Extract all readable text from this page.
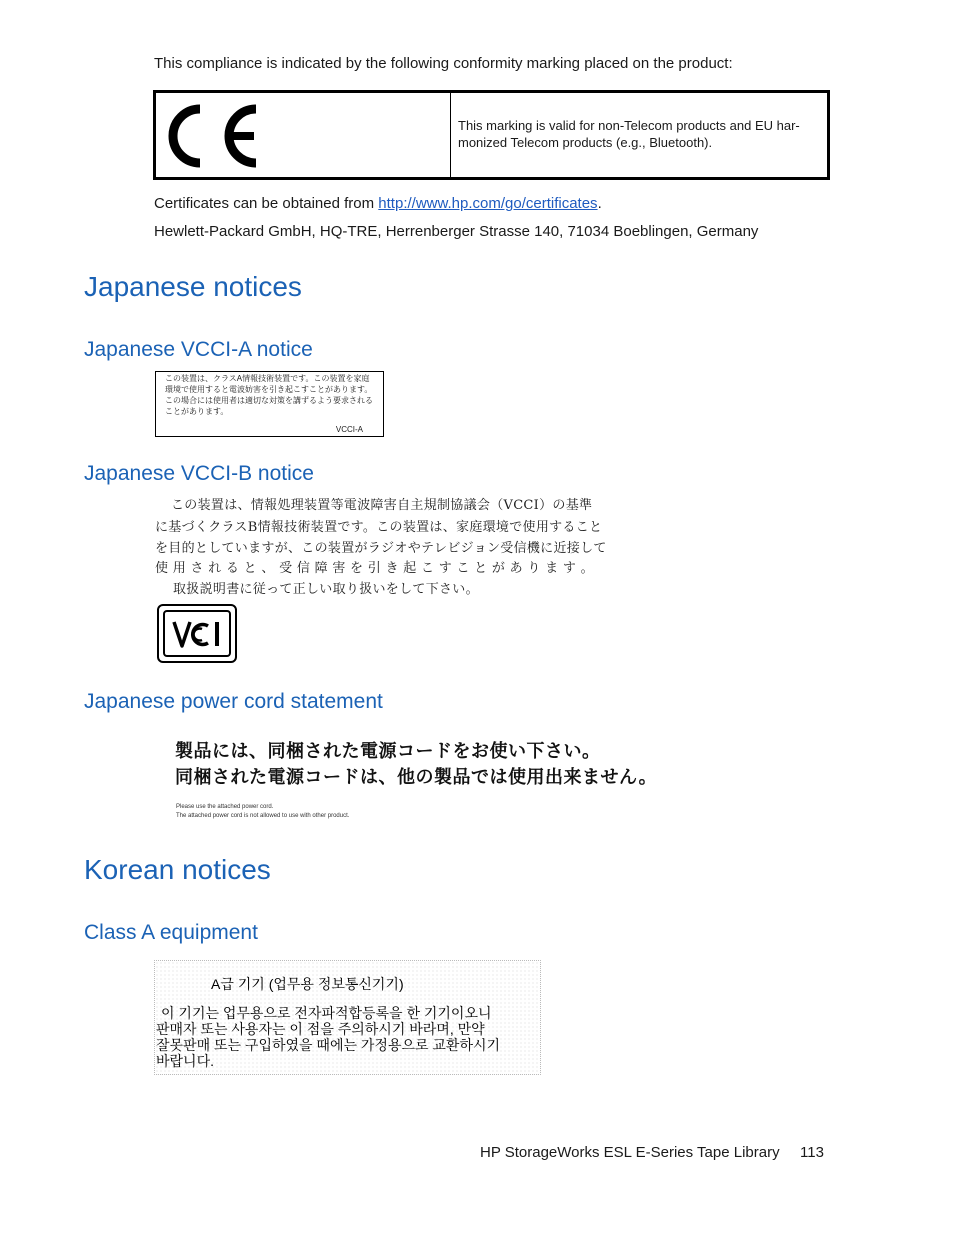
This compliance is indicated by the following conformity marking placed on the product:
This marking is valid for non-Telecom products and EU har-
monized Telecom products (e.g., Bluetooth).
Certificates can be obtained from http://www.hp.com/go/certificates.
Hewlett-Packard GmbH, HQ-TRE, Herrenberger Strasse 140, 71034 Boeblingen, Germany
Japanese notices
Japanese VCCI-A notice
この装置は、クラスA情報技術装置です。この装置を家庭
環境で使用すると電波妨害を引き起こすことがあります。
この場合には使用者は適切な対策を講ずるよう要求される
ことがあります。
VCCI-A
Japanese VCCI-B notice
この装置は、情報処理装置等電波障害自主規制協議会（VCCI）の基準
に基づくクラスB情報技術装置です。この装置は、家庭環境で使用すること
を目的としていますが、この装置がラジオやテレビジョン受信機に近接して
使 用 さ れ る と 、 受 信 障 害 を 引 き 起 こ す こ と が あ り ま す 。
取扱説明書に従って正しい取り扱いをして下さい。
Japanese power cord statement
製品には、同梱された電源コードをお使い下さい。
同梱された電源コードは、他の製品では使用出来ません。
Please use the attached power cord.
The attached power cord is not allowed to use with other product.
Korean notices
Class A equipment
A급 기기 (업무용 정보통신기기)
이 기기는 업무용으로 전자파적합등록을 한 기기이오니
판매자 또는 사용자는 이 점을 주의하시기 바라며, 만약
잘못판매 또는 구입하였을 때에는 가정용으로 교환하시기
바랍니다.
HP StorageWorks ESL E-Series Tape Library 113
